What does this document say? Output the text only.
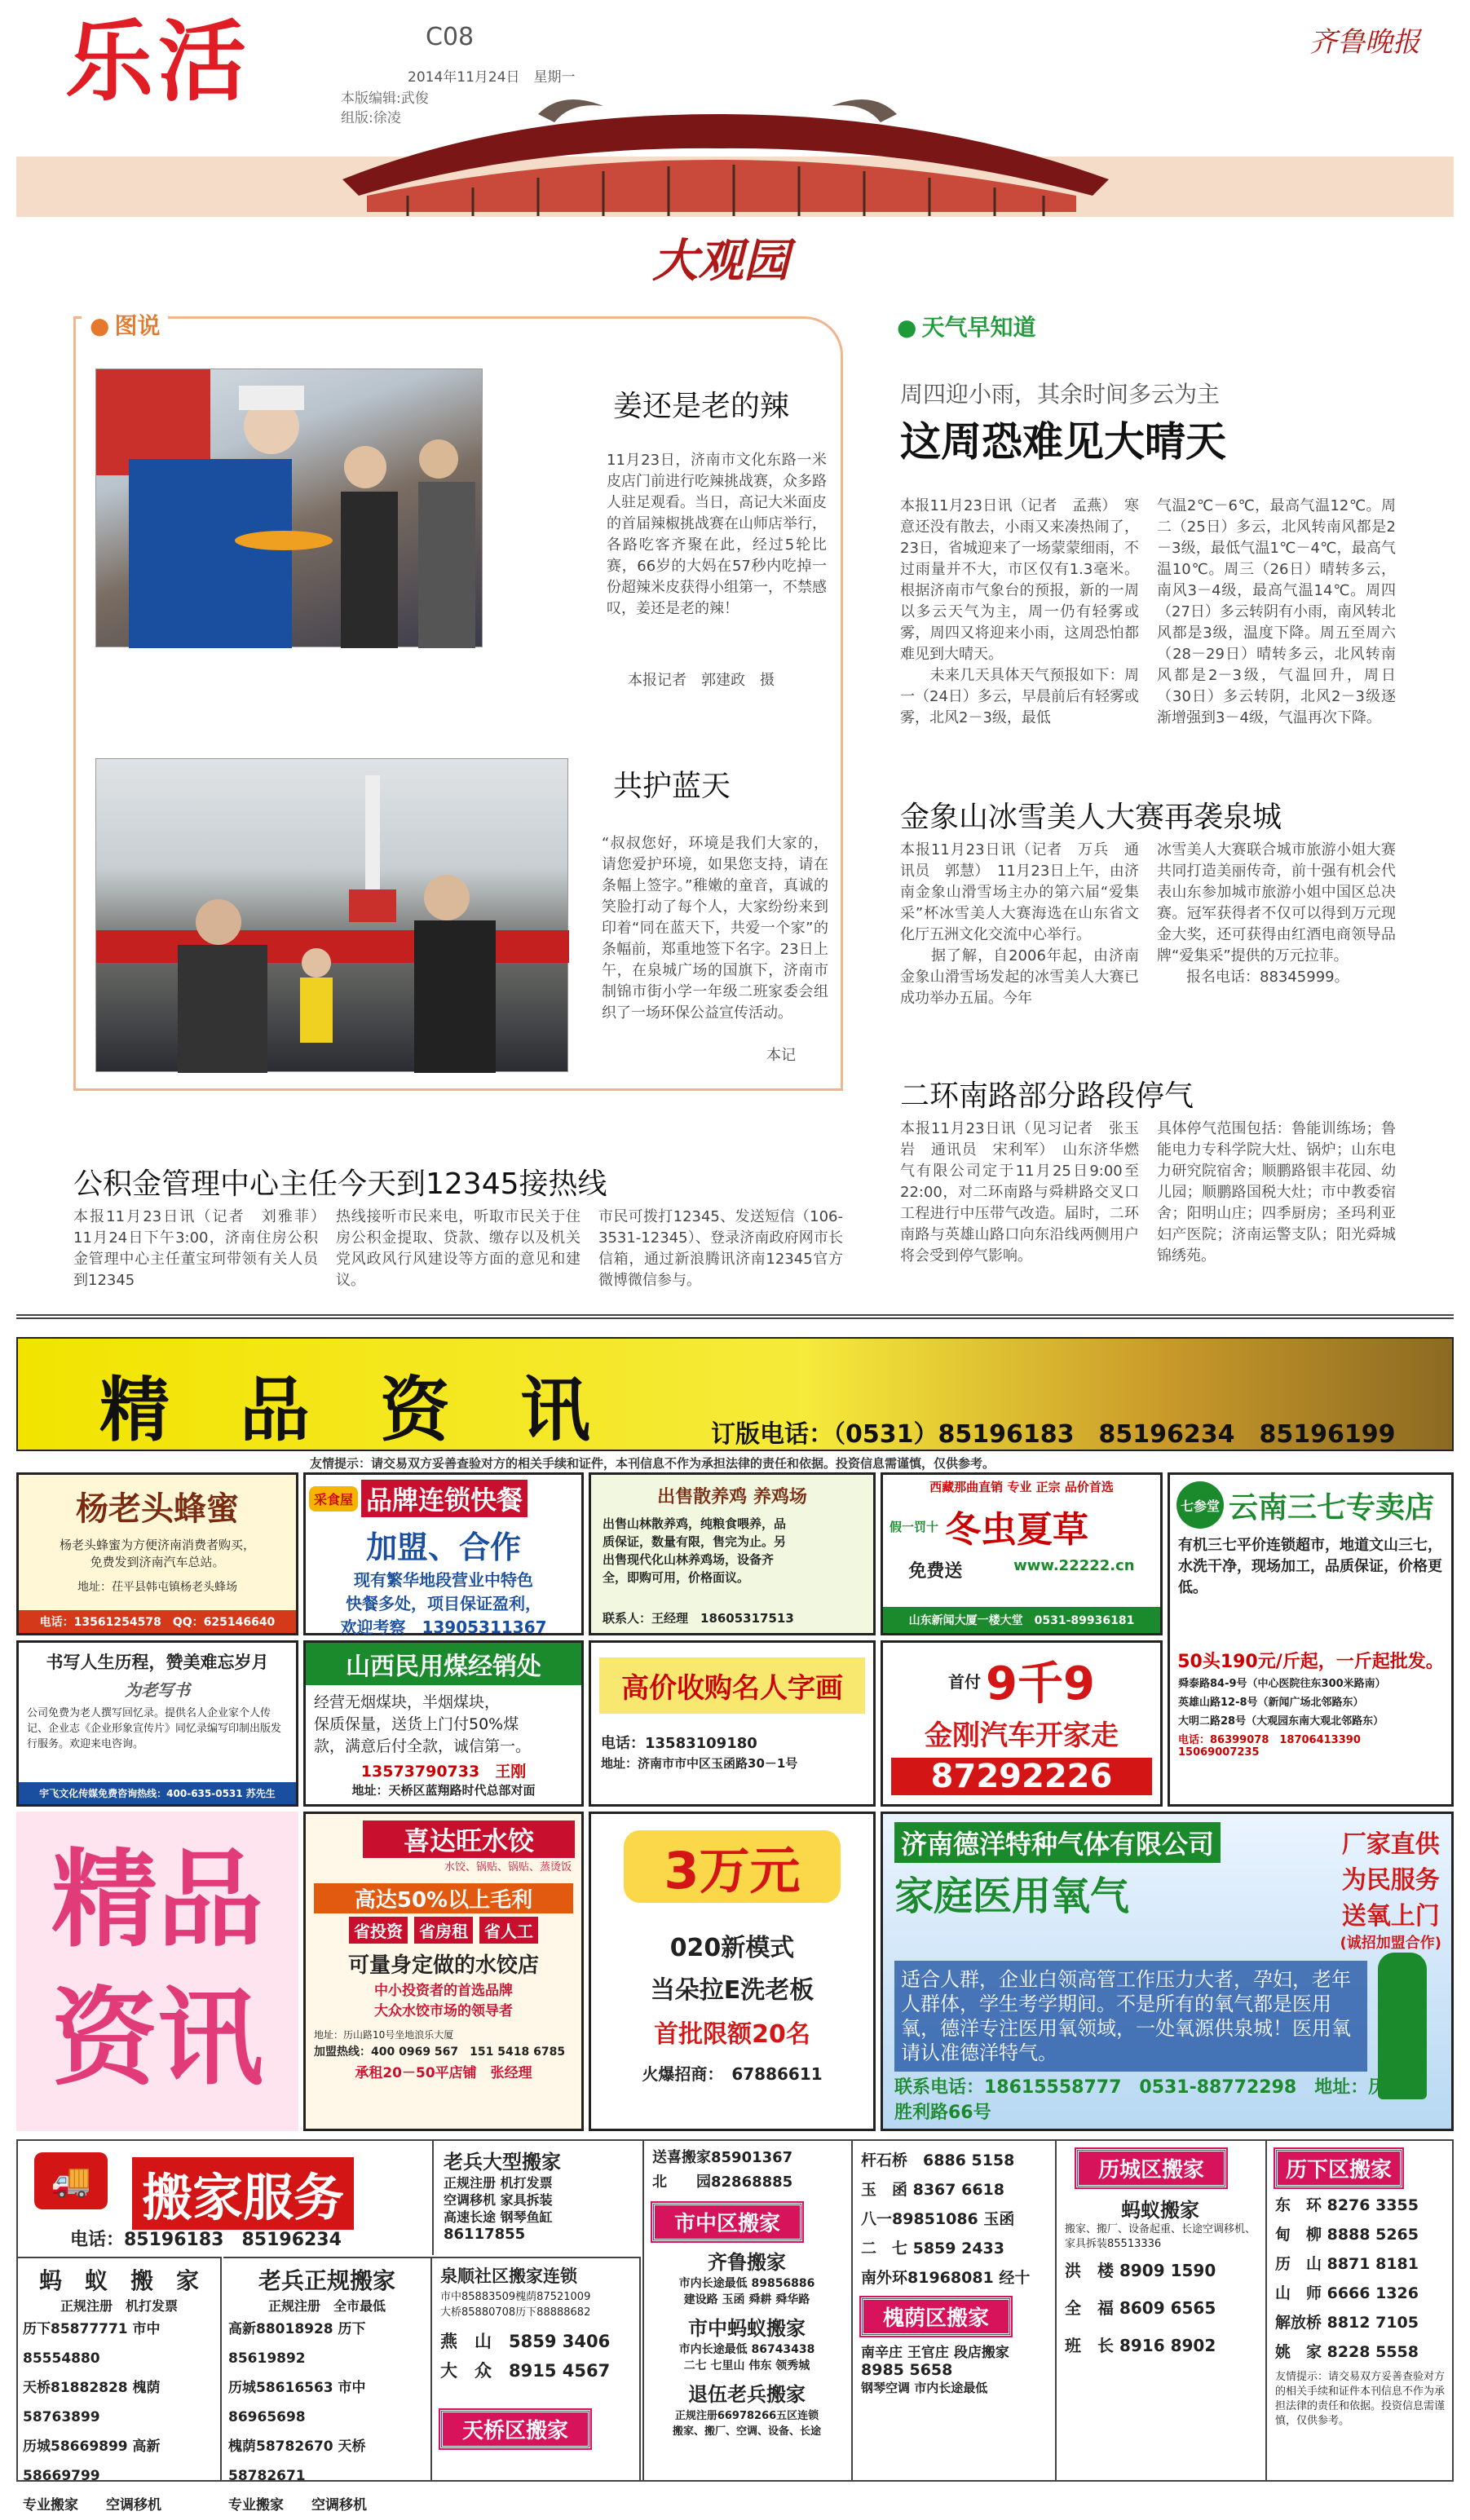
乐活	C08
2014年11月24日　星期一
本版编辑:武俊
组版:徐凌
齐鲁晚报
大观园
● 图说
姜还是老的辣
11月23日，济南市文化东路一米皮店门前进行吃辣挑战赛，众多路人驻足观看。当日，高记大米面皮的首届辣椒挑战赛在山师店举行，各路吃客齐聚在此，经过5轮比赛，66岁的大妈在57秒内吃掉一份超辣米皮获得小组第一，不禁感叹，姜还是老的辣！
本报记者　郭建政　摄
共护蓝天
“叔叔您好，环境是我们大家的，请您爱护环境，如果您支持，请在条幅上签字。”稚嫩的童音，真诚的笑脸打动了每个人，大家纷纷来到印着“同在蓝天下，共爱一个家”的条幅前，郑重地签下名字。23日上午，在泉城广场的国旗下，济南市制锦市街小学一年级二班家委会组织了一场环保公益宣传活动。
本记
公积金管理中心主任今天到12345接热线
本报11月23日讯（记者　刘雅菲）　11月24日下午3:00，济南住房公积金管理中心主任董宝珂带领有关人员到12345
热线接听市民来电，听取市民关于住房公积金提取、贷款、缴存以及机关党风政风行风建设等方面的意见和建议。
市民可拨打12345、发送短信（106-3531-12345）、登录济南政府网市长信箱，通过新浪腾讯济南12345官方微博微信参与。
● 天气早知道
周四迎小雨，其余时间多云为主
这周恐难见大晴天
本报11月23日讯（记者　孟燕）　寒意还没有散去，小雨又来凑热闹了，23日，省城迎来了一场蒙蒙细雨，不过雨量并不大，市区仅有1.3毫米。根据济南市气象台的预报，新的一周以多云天气为主，周一仍有轻雾或雾，周四又将迎来小雨，这周恐怕都难见到大晴天。
　　未来几天具体天气预报如下：周一（24日）多云，早晨前后有轻雾或雾，北风2－3级，最低
气温2℃－6℃，最高气温12℃。周二（25日）多云，北风转南风都是2－3级，最低气温1℃－4℃，最高气温10℃。周三（26日）晴转多云，南风3－4级，最高气温14℃。周四（27日）多云转阴有小雨，南风转北风都是3级，温度下降。周五至周六（28－29日）晴转多云，北风转南风都是2－3级，气温回升，周日（30日）多云转阴，北风2－3级逐渐增强到3－4级，气温再次下降。
金象山冰雪美人大赛再袭泉城
本报11月23日讯（记者　万兵　通讯员　郭慧）　11月23日上午，由济南金象山滑雪场主办的第六届“爱集采”杯冰雪美人大赛海选在山东省文化厅五洲文化交流中心举行。
　　据了解，自2006年起，由济南金象山滑雪场发起的冰雪美人大赛已成功举办五届。今年
冰雪美人大赛联合城市旅游小姐大赛共同打造美丽传奇，前十强有机会代表山东参加城市旅游小姐中国区总决赛。冠军获得者不仅可以得到万元现金大奖，还可获得由红酒电商领导品牌“爱集采”提供的万元拉菲。
　　报名电话：88345999。
二环南路部分路段停气
本报11月23日讯（见习记者　张玉岩　通讯员　宋利军）　山东济华燃气有限公司定于11月25日9:00至22:00，对二环南路与舜耕路交叉口工程进行中压带气改造。届时，二环南路与英雄山路口向东沿线两侧用户将会受到停气影响。
具体停气范围包括：鲁能训练场；鲁能电力专科学院大灶、锅炉；山东电力研究院宿舍；顺鹏路银丰花园、幼儿园；顺鹏路国税大灶；市中教委宿舍；阳明山庄；四季厨房；圣玛利亚妇产医院；济南运警支队；阳光舜城锦绣苑。
精　品　资　讯	订版电话：（0531）85196183　85196234　85196199
友情提示：请交易双方妥善查验对方的相关手续和证件，本刊信息不作为承担法律的责任和依据。投资信息需谨慎，仅供参考。
杨老头蜂蜜
杨老头蜂蜜为方便济南消费者购买，
免费发到济南汽车总站。
地址：茌平县韩屯镇杨老头蜂场
电话：13561254578　QQ：625146640
采食屋 品牌连锁快餐
加盟、合作
现有繁华地段营业中特色
快餐多处，项目保证盈利，
欢迎考察　13905311367
出售散养鸡 养鸡场
出售山林散养鸡，纯粮食喂养，品质保证，数量有限，售完为止。另出售现代化山林养鸡场，设备齐全，即购可用，价格面议。
联系人：王经理　18605317513
西藏那曲直销 专业 正宗 品价首选
假一罚十 冬虫夏草
免费送	www.22222.cn
山东新闻大厦一楼大堂　0531-89936181
七参堂 云南三七专卖店
有机三七平价连锁超市，地道文山三七，水洗干净，现场加工，品质保证，价格更低。
50头190元/斤起，一斤起批发。
舜泰路84-9号（中心医院往东300米路南）
英雄山路12-8号（新闻广场北邻路东）
大明二路28号（大观园东南大观北邻路东）
电话：86399078　18706413390　15069007235
书写人生历程，赞美难忘岁月
为老写书
公司免费为老人撰写回忆录。提供名人企业家个人传记、企业志《企业形象宣传片》同忆录编写印制出版发行服务。欢迎来电咨询。
宇飞文化传媒免费咨询热线：400-635-0531 苏先生
山西民用煤经销处
经营无烟煤块，半烟煤块，
保质保量，送货上门付50%煤
款，满意后付全款，诚信第一。
13573790733　王刚
地址：天桥区蓝翔路时代总部对面
高价收购名人字画
电话：13583109180
地址：济南市市中区玉函路30－1号
首付 9千9
金刚汽车开家走
87292226
精品资讯
喜达旺水饺
水饺、锅贴、锅贴、蒸烫饭
高达50%以上毛利
省投资	省房租	省人工
可量身定做的水饺店
中小投资者的首选品牌
大众水饺市场的领导者
地址：历山路10号坐地浪乐大厦
加盟热线：400 0969 567　151 5418 6785
承租20－50平店铺　张经理
3万元
020新模式
当朵拉E洗老板
首批限额20名
火爆招商：　67886611
济南德洋特种气体有限公司
家庭医用氧气
厂家直供
为民服务
送氧上门
(诚招加盟合作)
适合人群，企业白领高管工作压力大者，孕妇，老年人群体，学生考学期间。不是所有的氧气都是医用氧，德洋专注医用氧领域，一处氧源供泉城！医用氧请认准德洋特气。
联系电话：18615558777　0531-88772298　地址：历城区胜利路66号
🚚	搬家服务
电话：85196183　85196234
蚂　蚁　搬　家
正规注册　机打发票
历下85877771 市中85554880
天桥81882828 槐荫58763899
历城58669899 高新58669799
专业搬家　　空调移机
老兵大型搬家
正规注册 机打发票
空调移机 家具拆装
高速长途 钢琴鱼缸
86117855
老兵正规搬家
正规注册　全市最低
高新88018928 历下85619892
历城58616563 市中86965698
槐荫58782670 天桥58782671
专业搬家　　空调移机
泉顺社区搬家连锁
市中85883509槐荫87521009
大桥85880708历下88888682
燕　山　5859 3406
大　众　8915 4567
天桥区搬家
送喜搬家85901367
北　　园82868885
市中区搬家
齐鲁搬家
市内长途最低 89856886
建设路 玉函 舜耕 舜华路
市中蚂蚁搬家
市内长途最低 86743438
二七 七里山 伟东 领秀城
退伍老兵搬家
正规注册66978266五区连锁
搬家、搬厂、空调、设备、长途
杆石桥　6886 5158
玉　函 8367 6618
八一89851086 玉函
二　七 5859 2433
南外环81968081 经十
槐荫区搬家
南辛庄 王官庄 段店搬家
8985 5658
钢琴空调 市内长途最低
历城区搬家
蚂蚁搬家
搬家、搬厂、设备起重、长途空调移机、家具拆装85513336
洪　楼 8909 1590
全　福 8609 6565
班　长 8916 8902
历下区搬家
东　环 8276 3355
甸　柳 8888 5265
历　山 8871 8181
山　师 6666 1326
解放桥 8812 7105
姚　家 8228 5558
友情提示：请交易双方妥善查验对方的相关手续和证件本刊信息不作为承担法律的责任和依据。投资信息需谨慎，仅供参考。
